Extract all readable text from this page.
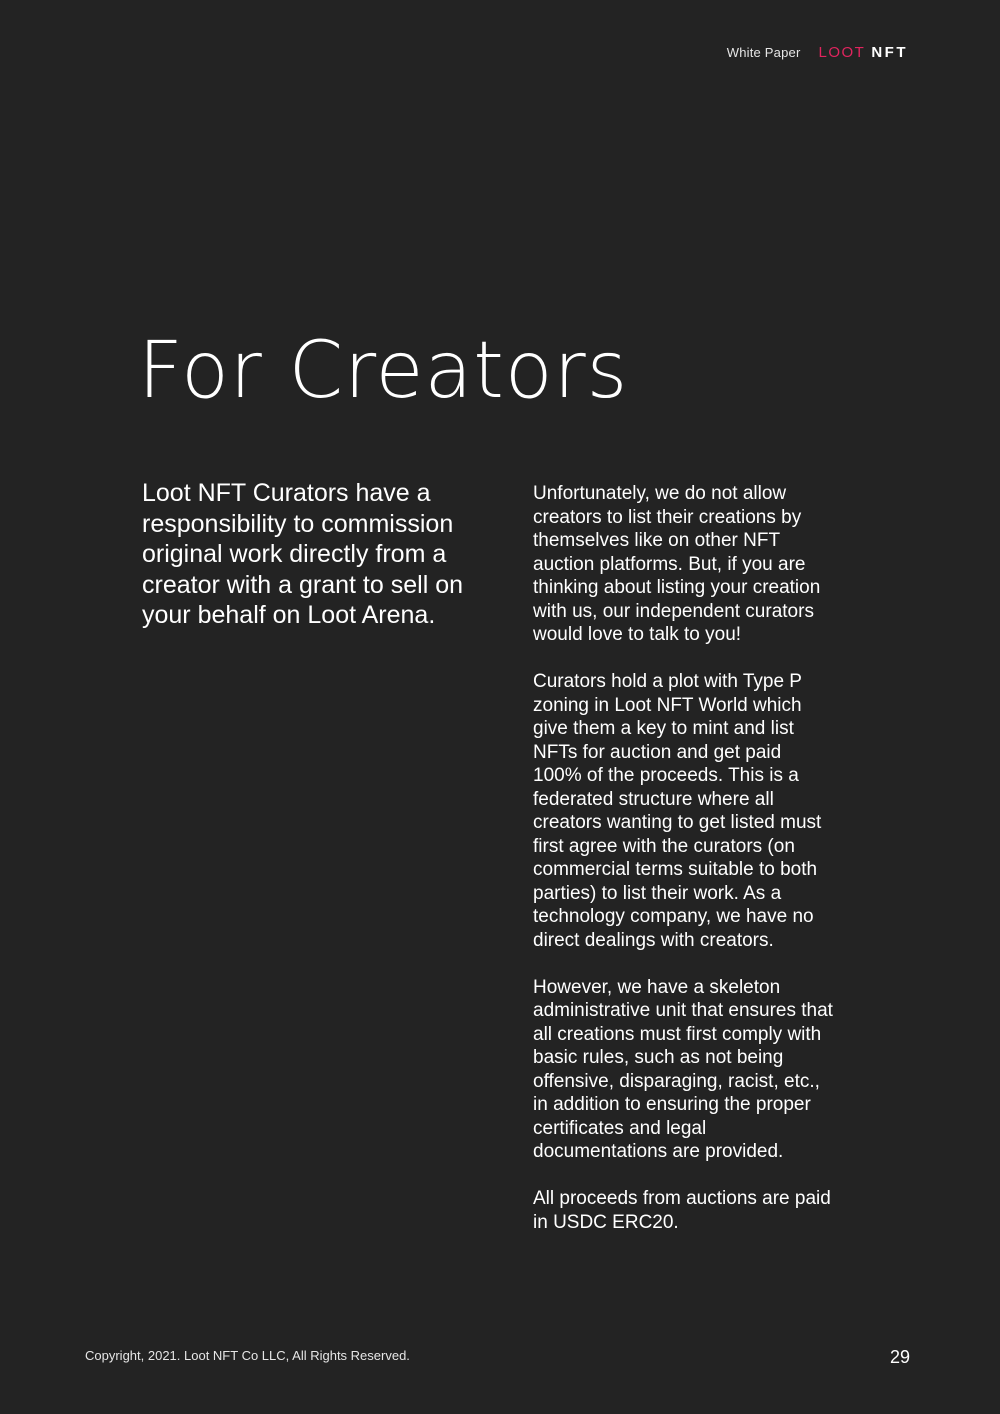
White Paper LOOT NFT
For Creators

Loot NFT Curators have a responsibility to commission original work directly from a creator with a grant to sell on your behalf on Loot Arena.

Unfortunately, we do not allow creators to list their creations by themselves like on other NFT auction platforms. But, if you are thinking about listing your creation with us, our independent curators would love to talk to you!

Curators hold a plot with Type P zoning in Loot NFT World which give them a key to mint and list NFTs for auction and get paid 100% of the proceeds. This is a federated structure where all creators wanting to get listed must first agree with the curators (on commercial terms suitable to both parties) to list their work. As a technology company, we have no direct dealings with creators.

However, we have a skeleton administrative unit that ensures that all creations must first comply with basic rules, such as not being offensive, disparaging, racist, etc., in addition to ensuring the proper certificates and legal documentations are provided.

All proceeds from auctions are paid in USDC ERC20.

Copyright, 2021. Loot NFT Co LLC, All Rights Reserved.	29
